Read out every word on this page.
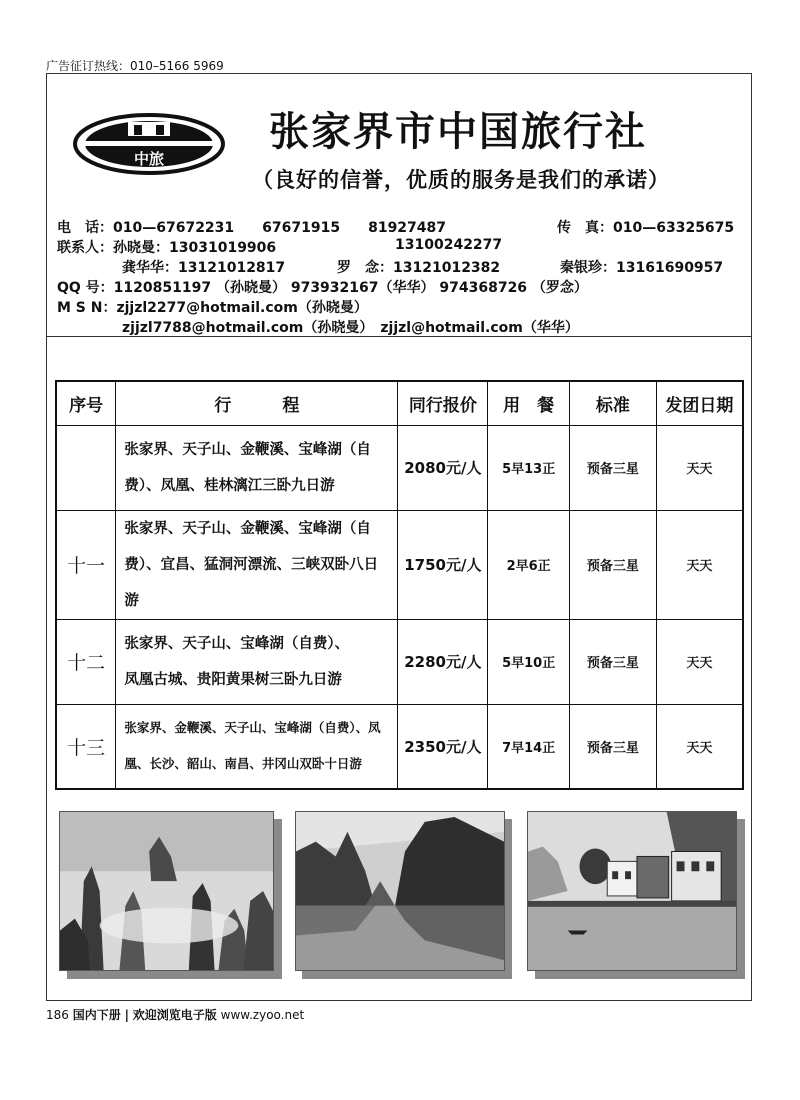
广告征订热线：010–5166 5969
中旅
张家界市中国旅行社
（良好的信誉，优质的服务是我们的承诺）
电　话：010—67672231　　67671915　　81927487	传　真：010—63325675
联系人：孙晓曼：13031019906	13100242277
龚华华：13121012817	罗　念：13121012382	秦银珍：13161690957
QQ 号：1120851197 （孙晓曼） 973932167（华华） 974368726 （罗念）
M S N：zjjzl2277@hotmail.com（孙晓曼）
zjjzl7788@hotmail.com（孙晓曼）　zjjzl@hotmail.com（华华）
序号	行　　　程	同行报价	用　餐	标准	发团日期

	张家界、天子山、金鞭溪、宝峰湖（自
费）、凤凰、桂林漓江三卧九日游	2080元/人	5早13正	预备三星	天天
十一	张家界、天子山、金鞭溪、宝峰湖（自
费）、宜昌、猛洞河漂流、三峡双卧八日游	1750元/人	2早6正	预备三星	天天
十二	张家界、天子山、宝峰湖（自费）、
凤凰古城、贵阳黄果树三卧九日游	2280元/人	5早10正	预备三星	天天
十三	张家界、金鞭溪、天子山、宝峰湖（自费）、凤
凰、长沙、韶山、南昌、井冈山双卧十日游	2350元/人	7早14正	预备三星	天天
186 国内下册 | 欢迎浏览电子版 www.zyoo.net
